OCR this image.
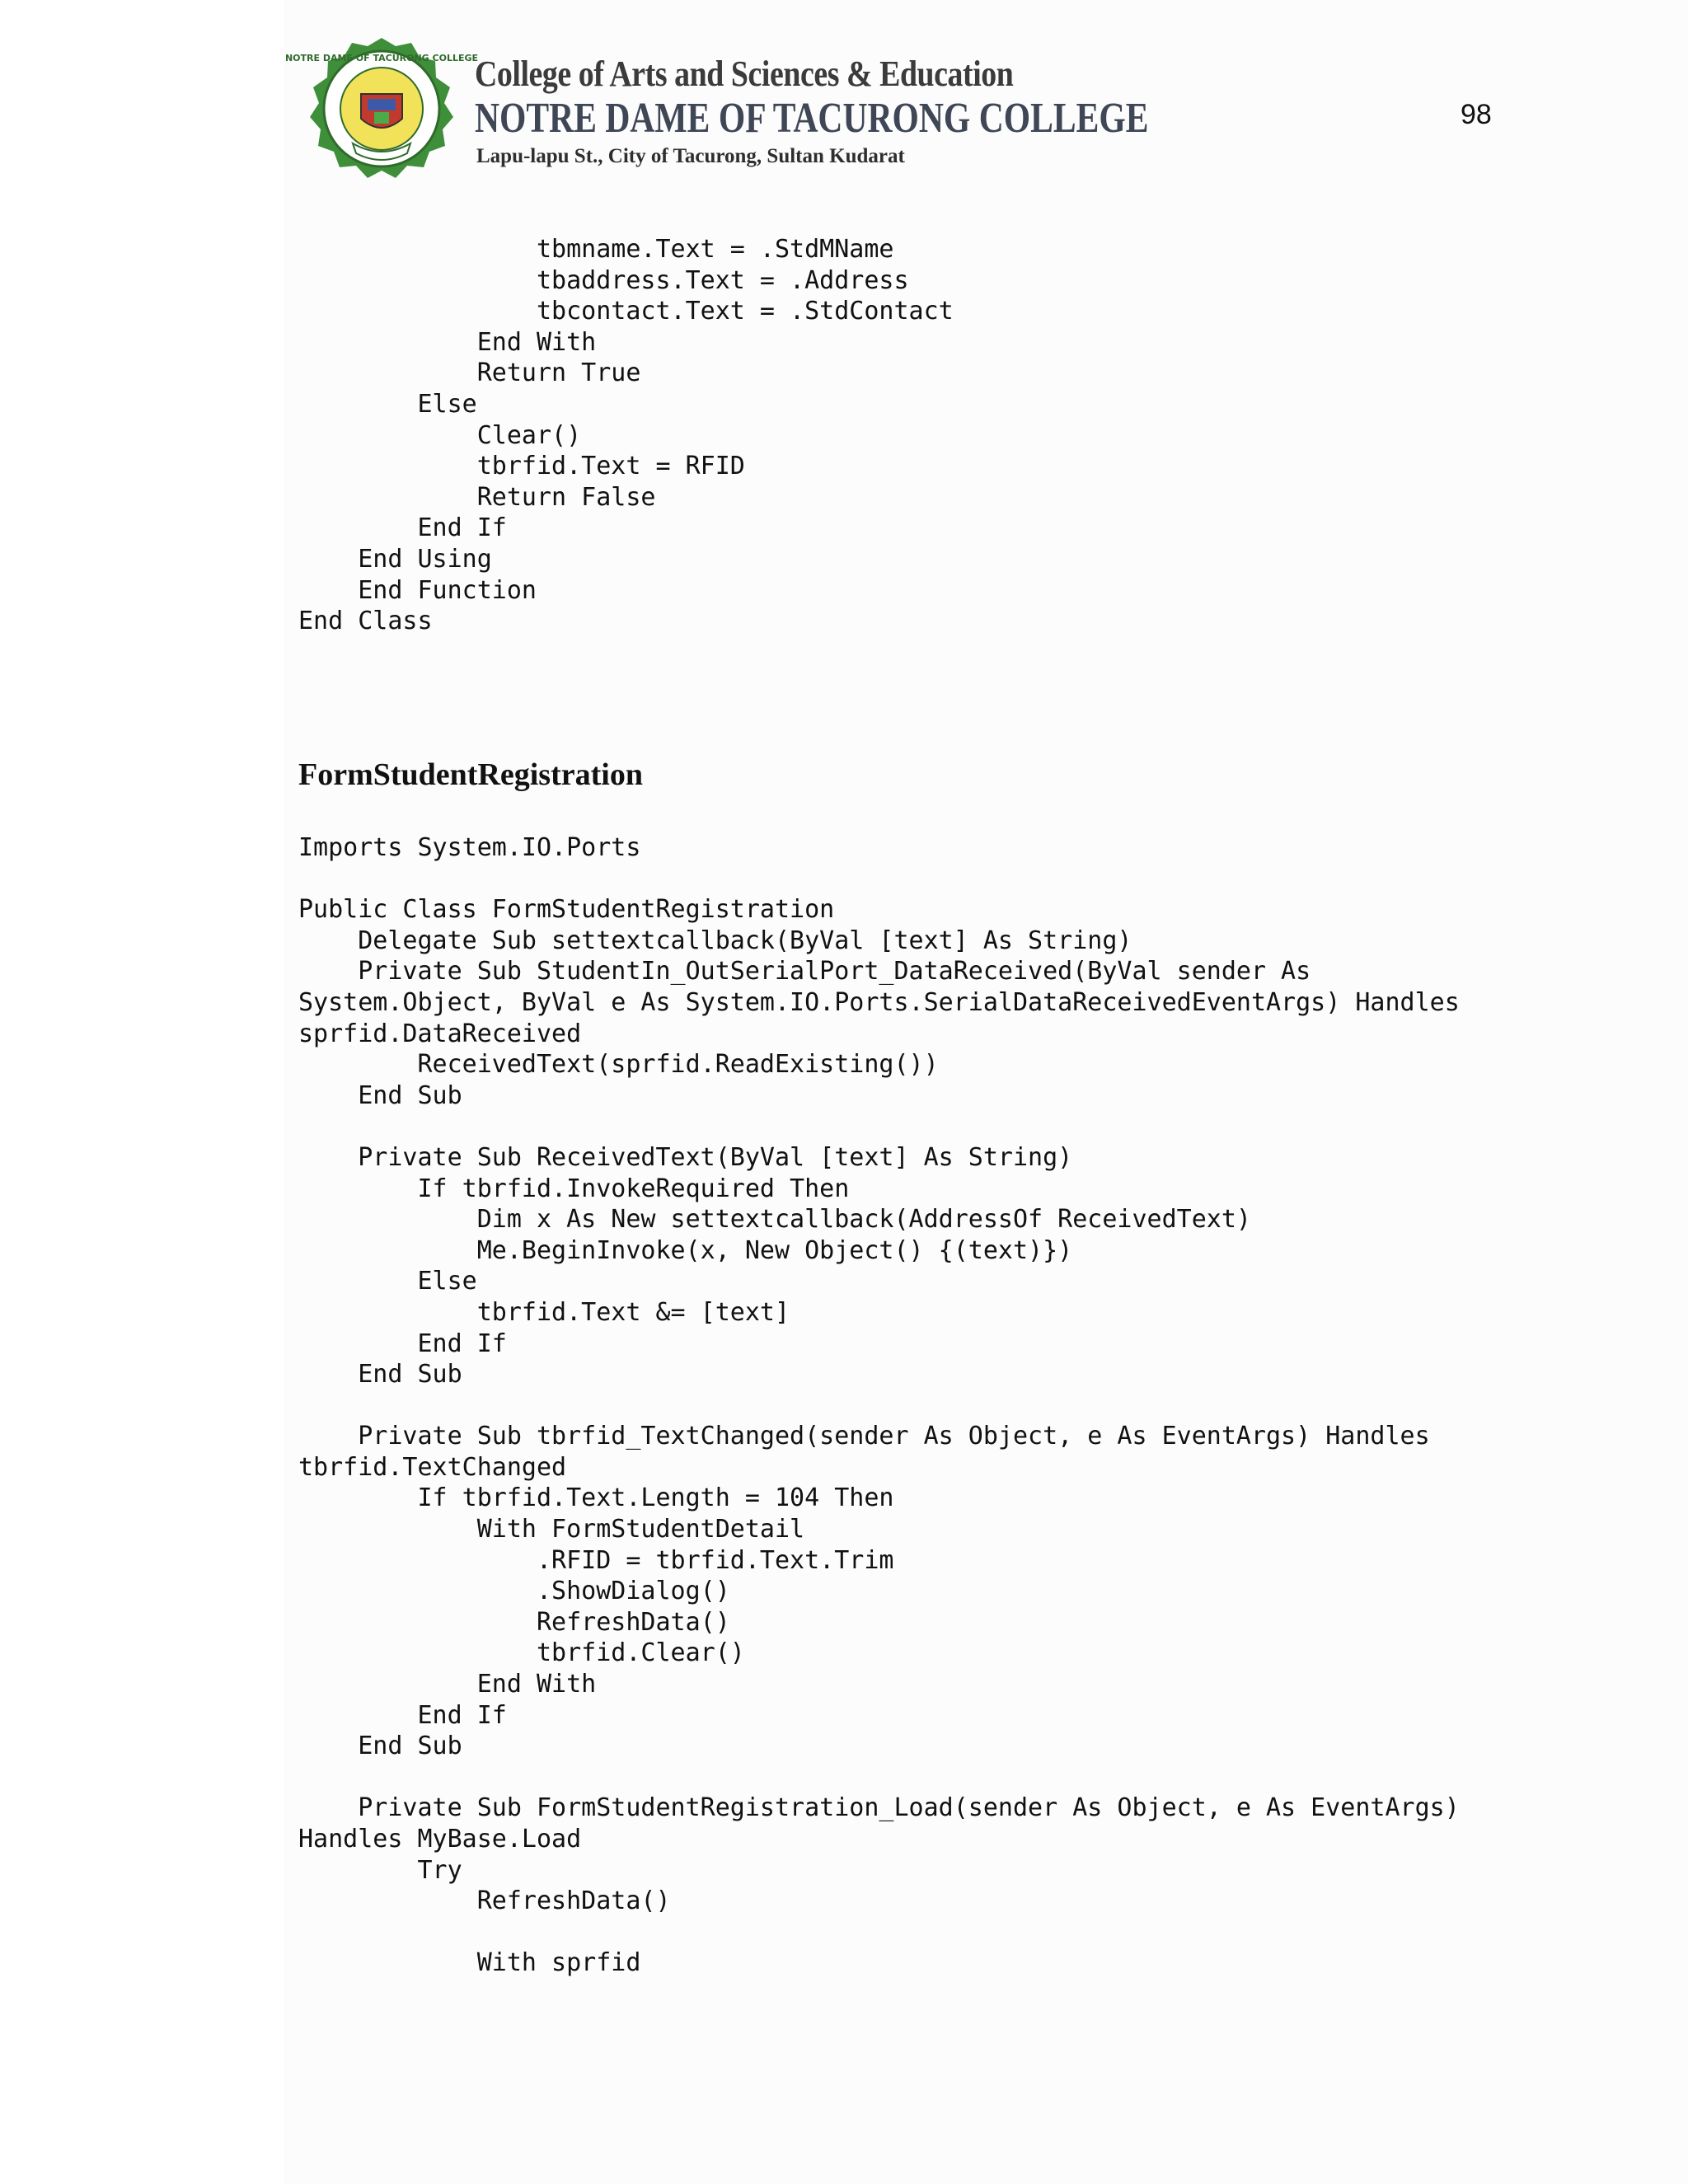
NOTRE DAME OF TACURONG COLLEGE
College of Arts and Sciences & Education
NOTRE DAME OF TACURONG COLLEGE
Lapu-lapu St., City of Tacurong, Sultan Kudarat
98
tbmname.Text = .StdMName
tbaddress.Text = .Address
tbcontact.Text = .StdContact
End With
Return True
Else
Clear()
tbrfid.Text = RFID
Return False
End If
End Using
End Function
End Class
FormStudentRegistration
Imports System.IO.Ports
Public Class FormStudentRegistration
Delegate Sub settextcallback(ByVal [text] As String)
Private Sub StudentIn_OutSerialPort_DataReceived(ByVal sender As
System.Object, ByVal e As System.IO.Ports.SerialDataReceivedEventArgs) Handles
sprfid.DataReceived
ReceivedText(sprfid.ReadExisting())
End Sub
Private Sub ReceivedText(ByVal [text] As String)
If tbrfid.InvokeRequired Then
Dim x As New settextcallback(AddressOf ReceivedText)
Me.BeginInvoke(x, New Object() {(text)})
Else
tbrfid.Text &= [text]
End If
End Sub
Private Sub tbrfid_TextChanged(sender As Object, e As EventArgs) Handles
tbrfid.TextChanged
If tbrfid.Text.Length = 104 Then
With FormStudentDetail
.RFID = tbrfid.Text.Trim
.ShowDialog()
RefreshData()
tbrfid.Clear()
End With
End If
End Sub
Private Sub FormStudentRegistration_Load(sender As Object, e As EventArgs)
Handles MyBase.Load
Try
RefreshData()
With sprfid
